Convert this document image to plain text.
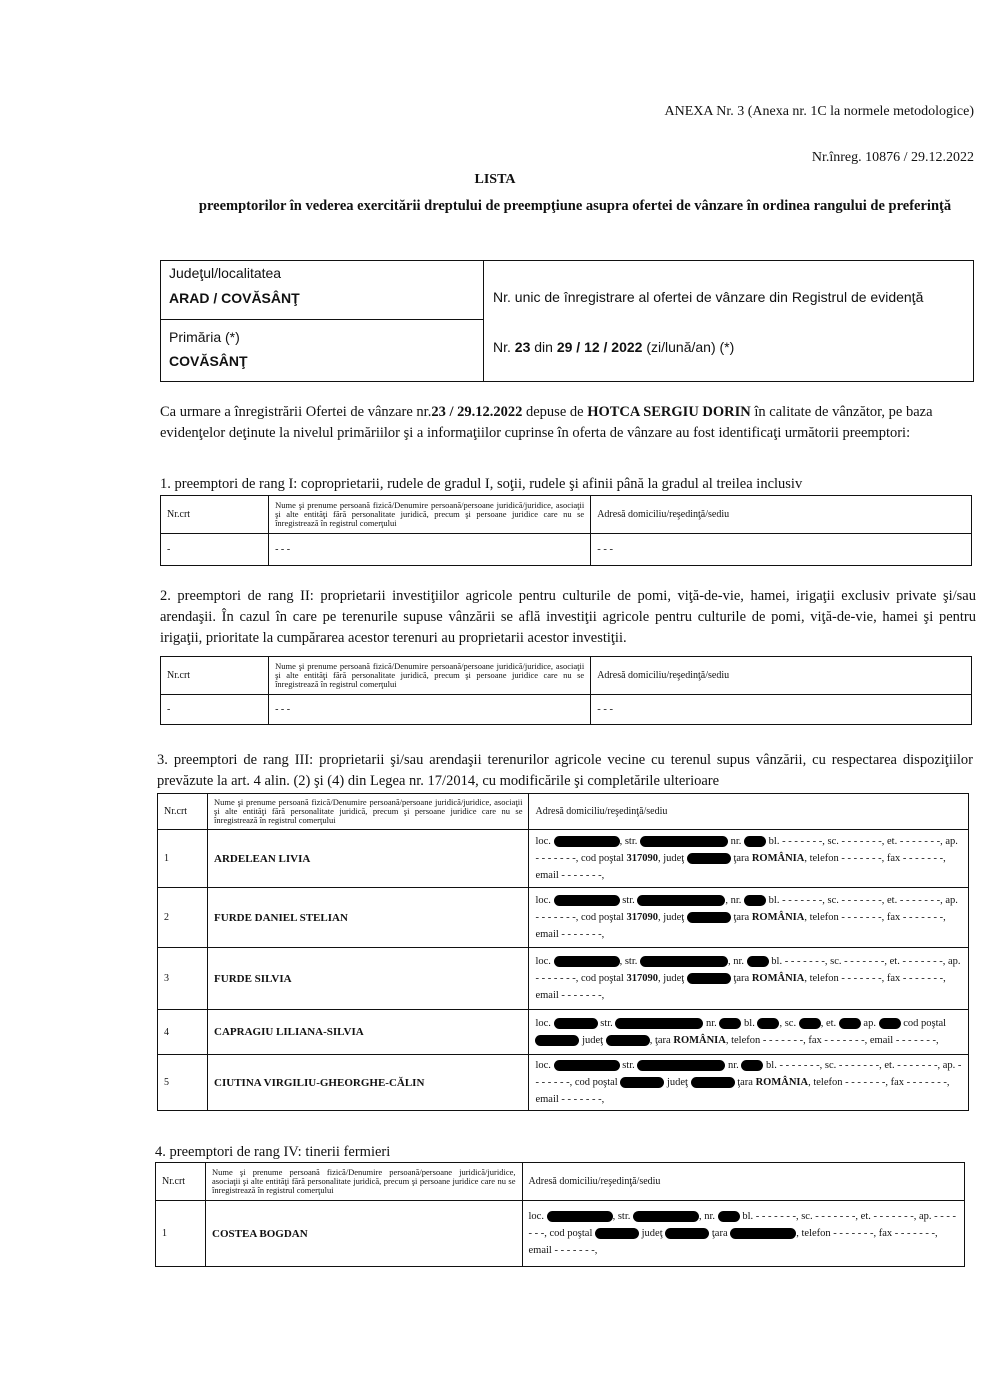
ANEXA Nr. 3 (Anexa nr. 1C la normele metodologice)
Nr.înreg. 10876 / 29.12.2022
LISTA
preemptorilor în vederea exercitării dreptului de preempţiune asupra ofertei de vânzare în ordinea rangului de preferinţă
Judeţul/localitatea
ARAD / COVĂSÂNŢ
Primăria (*)
COVĂSÂNŢ
Nr. unic de înregistrare al ofertei de vânzare din Registrul de evidenţă
Nr. 23 din 29 / 12 / 2022 (zi/lună/an) (*)
Ca urmare a înregistrării Ofertei de vânzare nr.23 / 29.12.2022 depuse de HOTCA SERGIU DORIN în calitate de vânzător, pe baza evidenţelor deţinute la nivelul primăriilor şi a informaţiilor cuprinse în oferta de vânzare au fost identificaţi următorii preemptori:
1. preemptori de rang I: coproprietarii, rudele de gradul I, soţii, rudele şi afinii până la gradul al treilea inclusiv
Nr.crt	Nume şi prenume persoană fizică/Denumire persoană/persoane juridică/juridice, asociaţii şi alte entităţi fără personalitate juridică, precum şi persoane juridice care nu se înregistrează în registrul comerţului	Adresă domiciliu/reşedinţă/sediu
-	- - -	- - -
2. preemptori de rang II: proprietarii investiţiilor agricole pentru culturile de pomi, viţă-de-vie, hamei, irigaţii exclusiv private şi/sau arendaşii. În cazul în care pe terenurile supuse vânzării se află investiţii agricole pentru culturile de pomi, viţă-de-vie, hamei şi pentru irigaţii, prioritate la cumpărarea acestor terenuri au proprietarii acestor investiţii.
Nr.crt	Nume şi prenume persoană fizică/Denumire persoană/persoane juridică/juridice, asociaţii şi alte entităţi fără personalitate juridică, precum şi persoane juridice care nu se înregistrează în registrul comerţului	Adresă domiciliu/reşedinţă/sediu
-	- - -	- - -
3. preemptori de rang III: proprietarii şi/sau arendaşii terenurilor agricole vecine cu terenul supus vânzării, cu respectarea dispoziţiilor prevăzute la art. 4 alin. (2) şi (4) din Legea nr. 17/2014, cu modificările şi completările ulterioare
Nr.crt	Nume şi prenume persoană fizică/Denumire persoană/persoane juridică/juridice, asociaţii şi alte entităţi fără personalitate juridică, precum şi persoane juridice care nu se înregistrează în registrul comerţului	Adresă domiciliu/reşedinţă/sediu
1	ARDELEAN LIVIA	loc. , str. nr.  bl. - - - - - - -, sc. - - - - - - -, et. - - - - - - -, ap. - - - - - - -, cod poştal 317090, judeţ ţara ROMÂNIA, telefon - - - - - - -, fax - - - - - - -, email - - - - - - -,
2	FURDE DANIEL STELIAN	loc. str. , nr.  bl. - - - - - - -, sc. - - - - - - -, et. - - - - - - -, ap. - - - - - - -, cod poştal 317090, judeţ ţara ROMÂNIA, telefon - - - - - - -, fax - - - - - - -, email - - - - - - -,
3	FURDE SILVIA	loc. , str. , nr.  bl. - - - - - - -, sc. - - - - - - -, et. - - - - - - -, ap. - - - - - - -, cod poştal 317090, judeţ ţara ROMÂNIA, telefon - - - - - - -, fax - - - - - - -, email - - - - - - -,
4	CAPRAGIU LILIANA-SILVIA	loc. str. nr.  bl. , sc. , et.  ap.  cod poştal  judeţ , ţara ROMÂNIA, telefon - - - - - - -, fax - - - - - - -, email - - - - - - -,
5	CIUTINA VIRGILIU-GHEORGHE-CĂLIN	loc. str. nr.  bl. - - - - - - -, sc. - - - - - - -, et. - - - - - - -, ap. - - - - - - -, cod poştal judeţ ţara ROMÂNIA, telefon - - - - - - -, fax - - - - - - -, email - - - - - - -,
4. preemptori de rang IV: tinerii fermieri
Nr.crt	Nume şi prenume persoană fizică/Denumire persoană/persoane juridică/juridice, asociaţii şi alte entităţi fără personalitate juridică, precum şi persoane juridice care nu se înregistrează în registrul comerţului	Adresă domiciliu/reşedinţă/sediu
1	COSTEA BOGDAN	loc. , str. , nr.  bl. - - - - - - -, sc. - - - - - - -, et. - - - - - - -, ap. - - - - - - -, cod poştal judeţ ţara , telefon - - - - - - -, fax - - - - - - -, email - - - - - - -,
